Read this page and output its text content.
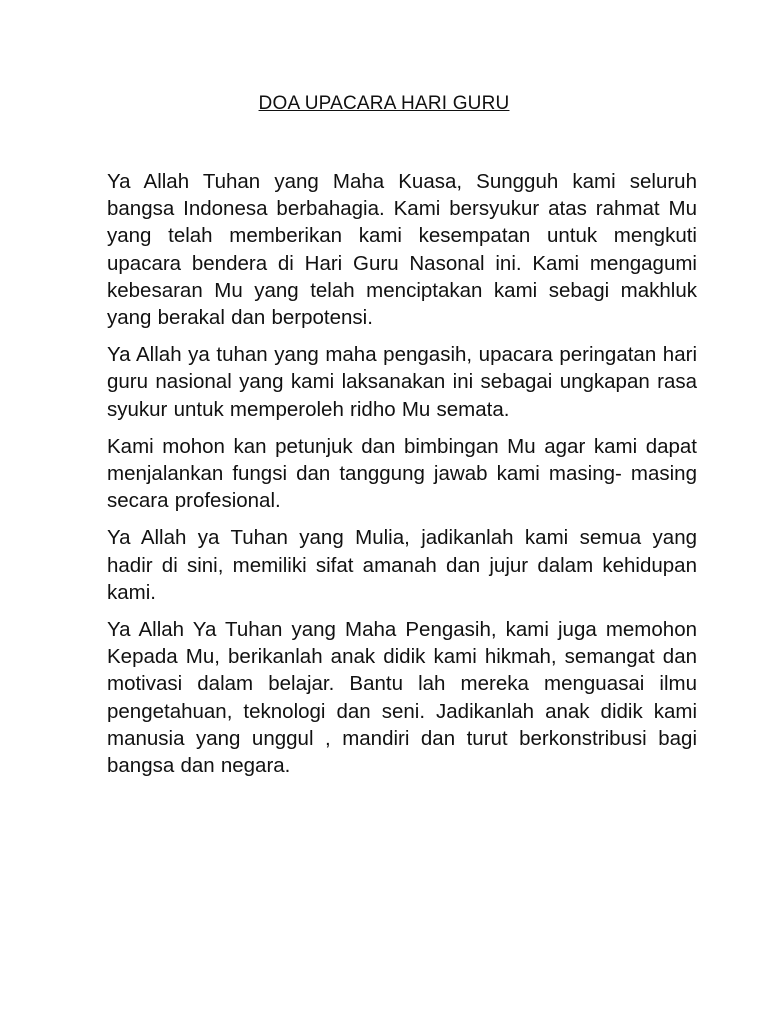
DOA UPACARA HARI GURU

Ya Allah Tuhan yang Maha Kuasa, Sungguh kami seluruh bangsa Indonesa berbahagia. Kami bersyukur atas rahmat Mu yang telah memberikan kami kesempatan untuk mengkuti upacara bendera di Hari Guru Nasonal ini. Kami mengagumi kebesaran Mu yang telah menciptakan kami sebagi makhluk yang berakal dan berpotensi.

Ya Allah ya tuhan yang maha pengasih, upacara peringatan hari guru nasional yang kami laksanakan ini sebagai ungkapan rasa syukur untuk memperoleh ridho Mu semata.

Kami mohon kan petunjuk dan bimbingan Mu agar kami dapat menjalankan fungsi dan tanggung jawab kami masing- masing secara profesional.

Ya Allah ya Tuhan yang Mulia, jadikanlah kami semua yang hadir di sini, memiliki sifat amanah dan jujur dalam kehidupan kami.

Ya Allah Ya Tuhan yang Maha Pengasih, kami juga memohon Kepada Mu, berikanlah anak didik kami hikmah, semangat dan motivasi dalam belajar. Bantu lah mereka menguasai ilmu pengetahuan, teknologi dan seni. Jadikanlah anak didik kami manusia yang unggul , mandiri dan turut berkonstribusi bagi bangsa dan negara.
